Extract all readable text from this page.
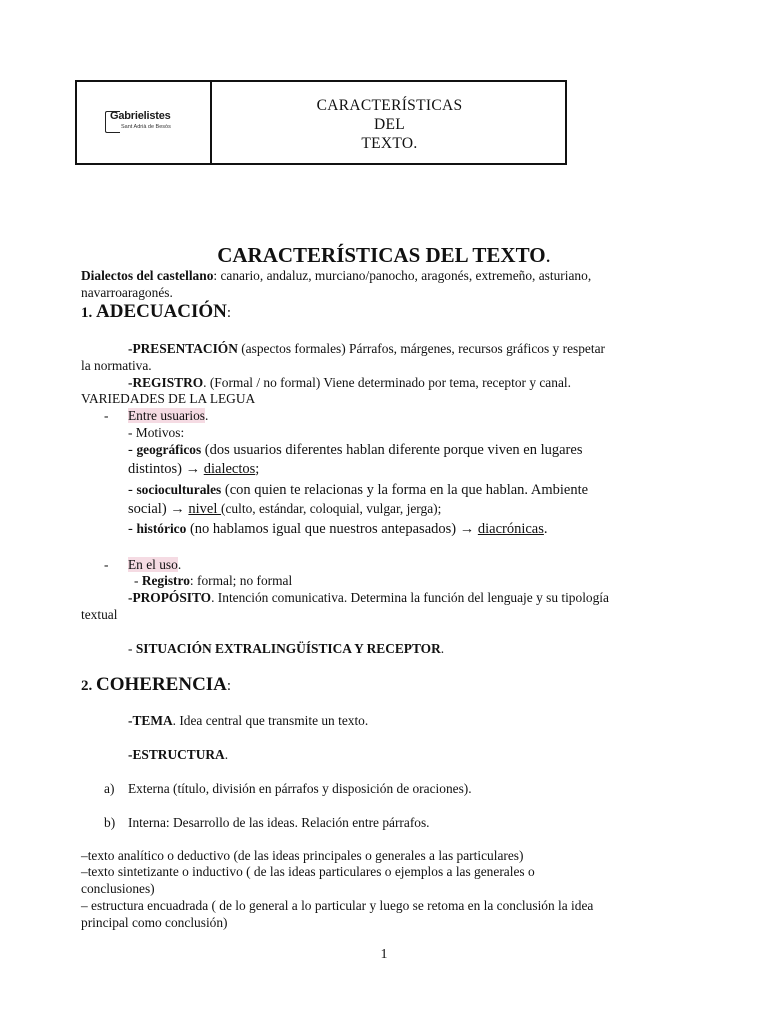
Gabrielistes
Sant Adrià de Besòs
CARACTERÍSTICAS
DEL
TEXTO.
CARACTERÍSTICAS DEL TEXTO.
Dialectos del castellano: canario, andaluz, murciano/panocho, aragonés, extremeño, asturiano,
navarroaragonés.
1. ADECUACIÓN:
-PRESENTACIÓN (aspectos formales) Párrafos, márgenes, recursos gráficos y respetar
la normativa.
-REGISTRO. (Formal / no formal) Viene determinado por tema, receptor y canal.
VARIEDADES DE LA LEGUA
- Entre usuarios.
- Motivos:
- geográficos (dos usuarios diferentes hablan diferente porque viven en lugares
distintos) → dialectos;
- socioculturales (con quien te relacionas y la forma en la que hablan. Ambiente
social) → nivel (culto, estándar, coloquial, vulgar, jerga);
- histórico (no hablamos igual que nuestros antepasados) → diacrónicas.
- En el uso.
- Registro: formal; no formal
-PROPÓSITO. Intención comunicativa. Determina la función del lenguaje y su tipología
textual
- SITUACIÓN EXTRALINGÜÍSTICA Y RECEPTOR.
2. COHERENCIA:
-TEMA. Idea central que transmite un texto.
-ESTRUCTURA.
a) Externa (título, división en párrafos y disposición de oraciones).
b) Interna: Desarrollo de las ideas. Relación entre párrafos.
–texto analítico o deductivo (de las ideas principales o generales a las particulares)
–texto sintetizante o inductivo ( de las ideas particulares o ejemplos a las generales o
conclusiones)
– estructura encuadrada ( de lo general a lo particular y luego se retoma en la conclusión la idea
principal como conclusión)
1
